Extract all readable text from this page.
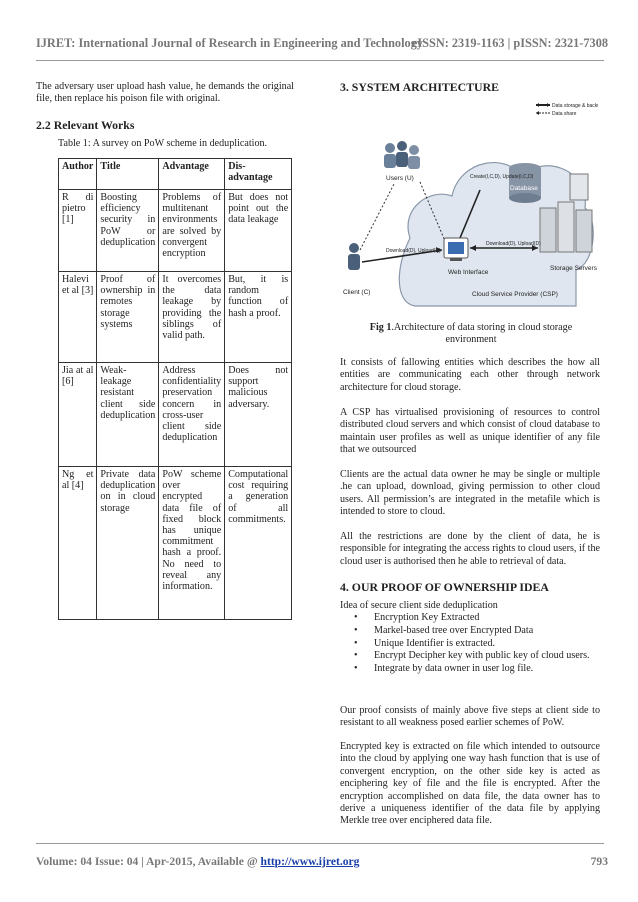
IJRET: International Journal of Research in Engineering and Technology
eISSN: 2319-1163 | pISSN: 2321-7308

The adversary user upload hash value, he demands the original file, then replace his poison file with original.

2.2 Relevant Works
Table 1: A survey on PoW scheme in deduplication.
Author	Title	Advantage	Dis-advantage
R di pietro [1]	Boosting efficiency security in PoW or deduplication	Problems of multitenant environments are solved by convergent encryption	But does not point out the data leakage
Halevi et al [3]	Proof of ownership in remotes storage systems	It overcomes the data leakage by providing the siblings of valid path.	But, it is random function of hash a proof.
Jia at al [6]	Weak-leakage resistant client side deduplication	Address confidentiality preservation concern in cross-user client side deduplication	Does not support malicious adversary.
Ng et al [4]	Private data deduplication on in cloud storage	PoW scheme over encrypted data file of fixed block has unique commitment hash a proof. No need to reveal any information.	Computational cost requiring a generation of all commitments.
3. SYSTEM ARCHITECTURE
Data storage & backup
Data share
Users (U)
Client (C)
Database
Create(I,C,D), Update(I,C,D)
Web Interface
Storage Servers
Download(D), Upload(D)
Download(D), Upload(D)
Cloud Service Provider (CSP)
Fig 1.Architecture of data storing in cloud storage environment

It consists of fallowing entities which describes the how all entities are communicating each other through network architecture for cloud storage.

A CSP has virtualised provisioning of resources to control distributed cloud servers and which consist of cloud database to maintain user profiles as well as unique identifier of any file that we outsourced

Clients are the actual data owner he may be single or multiple .he can upload, download, giving permission to other cloud users. All permission’s are integrated in the metafile which is intended to store to cloud.

All the restrictions are done by the client of data, he is responsible for integrating the access rights to cloud users, if the cloud user is authorised then he able to retrieval of data.

4. OUR PROOF OF OWNERSHIP IDEA

Idea of secure client side deduplication

• Encryption Key Extracted
• Markel-based tree over Encrypted Data
• Unique Identifier is extracted.
• Encrypt Decipher key with public key of cloud users.
• Integrate by data owner in user log file.

Our proof consists of mainly above five steps at client side to resistant to all weakness posed earlier schemes of PoW.

Encrypted key is extracted on file which intended to outsource into the cloud by applying one way hash function that is use of convergent encryption, on the other side key is acted as enciphering key of file and the file is encrypted. After the encryption accomplished on data file, the data owner has to derive a uniqueness identifier of the data file by applying Merkle tree over enciphered data file.

Volume: 04 Issue: 04 | Apr-2015, Available @ http://www.ijret.org	793
